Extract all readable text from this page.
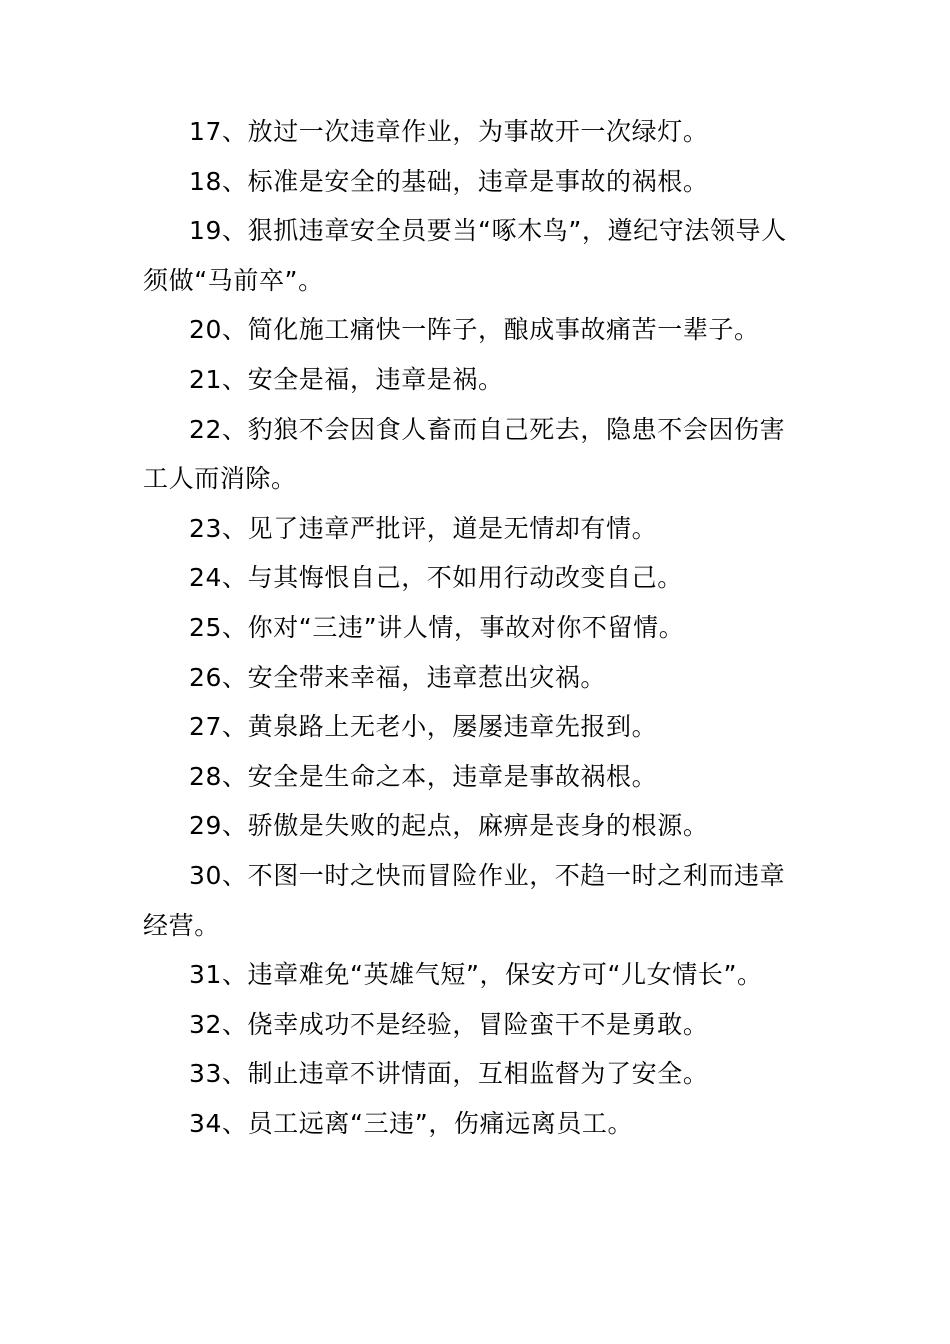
17、放过一次违章作业，为事故开一次绿灯。

18、标准是安全的基础，违章是事故的祸根。

19、狠抓违章安全员要当“啄木鸟”，遵纪守法领导人须做“马前卒”。

20、简化施工痛快一阵子，酿成事故痛苦一辈子。

21、安全是福，违章是祸。

22、豹狼不会因食人畜而自己死去，隐患不会因伤害工人而消除。

23、见了违章严批评，道是无情却有情。

24、与其悔恨自己，不如用行动改变自己。

25、你对“三违”讲人情，事故对你不留情。

26、安全带来幸福，违章惹出灾祸。

27、黄泉路上无老小，屡屡违章先报到。

28、安全是生命之本，违章是事故祸根。

29、骄傲是失败的起点，麻痹是丧身的根源。

30、不图一时之快而冒险作业，不趋一时之利而违章经营。

31、违章难免“英雄气短”，保安方可“儿女情长”。

32、侥幸成功不是经验，冒险蛮干不是勇敢。

33、制止违章不讲情面，互相监督为了安全。

34、员工远离“三违”，伤痛远离员工。
